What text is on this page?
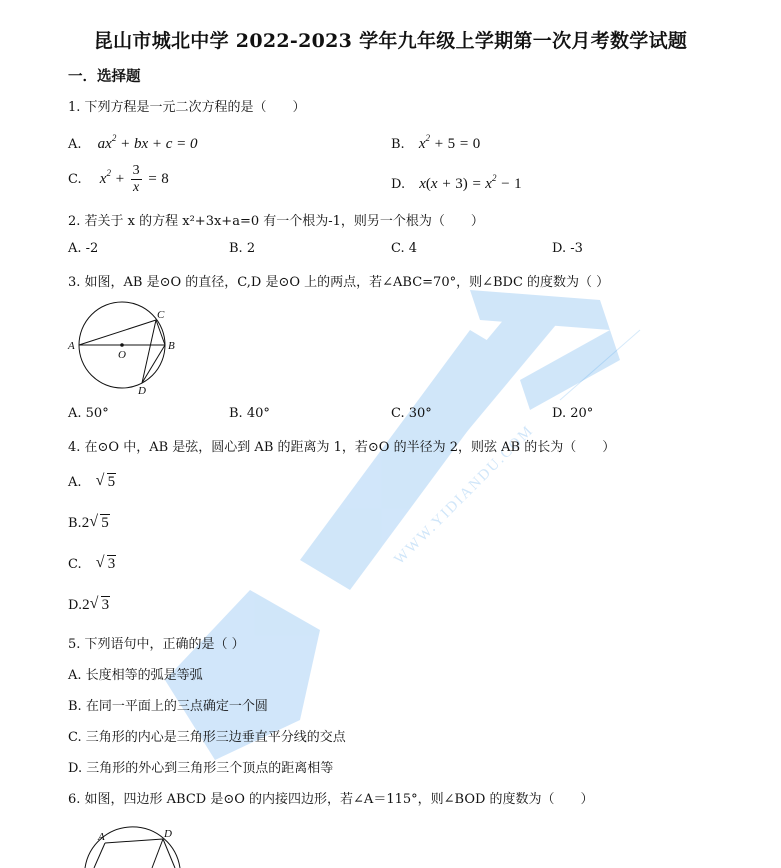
WWW.YIDIANDU.COM
昆山市城北中学 2022-2023 学年九年级上学期第一次月考数学试题
一．选择题
1. 下列方程是一元二次方程的是（　　）
A. $ax^2$ + bx + c = 0	B. $x^2 + 5 = 0$
C. $x^2 + \frac{3}{x} = 8$	D. $x(x + 3) = x^2 - 1$
2. 若关于 x 的方程 x²+3x+a=0 有一个根为-1，则另一个根为（　　）
A. -2	B. 2	C. 4	D. -3
3. 如图，AB 是⊙O 的直径，C,D 是⊙O 上的两点，若∠ABC=70°，则∠BDC 的度数为（ ）
A	B
C
D
O
A. 50°	B. 40°	C. 30°	D. 20°
4. 在⊙O 中，AB 是弦，圆心到 AB 的距离为 1，若⊙O 的半径为 2，则弦 AB 的长为（　　）
A. √ 5
B.2 √ 5
C. √ 3
D.2 √ 3
5. 下列语句中，正确的是（ ）
A. 长度相等的弧是等弧
B. 在同一平面上的三点确定一个圆
C. 三角形的内心是三角形三边垂直平分线的交点
D. 三角形的外心到三角形三个顶点的距离相等
6. 如图，四边形 ABCD 是⊙O 的内接四边形，若∠A＝115°，则∠BOD 的度数为（　　）
A	D
